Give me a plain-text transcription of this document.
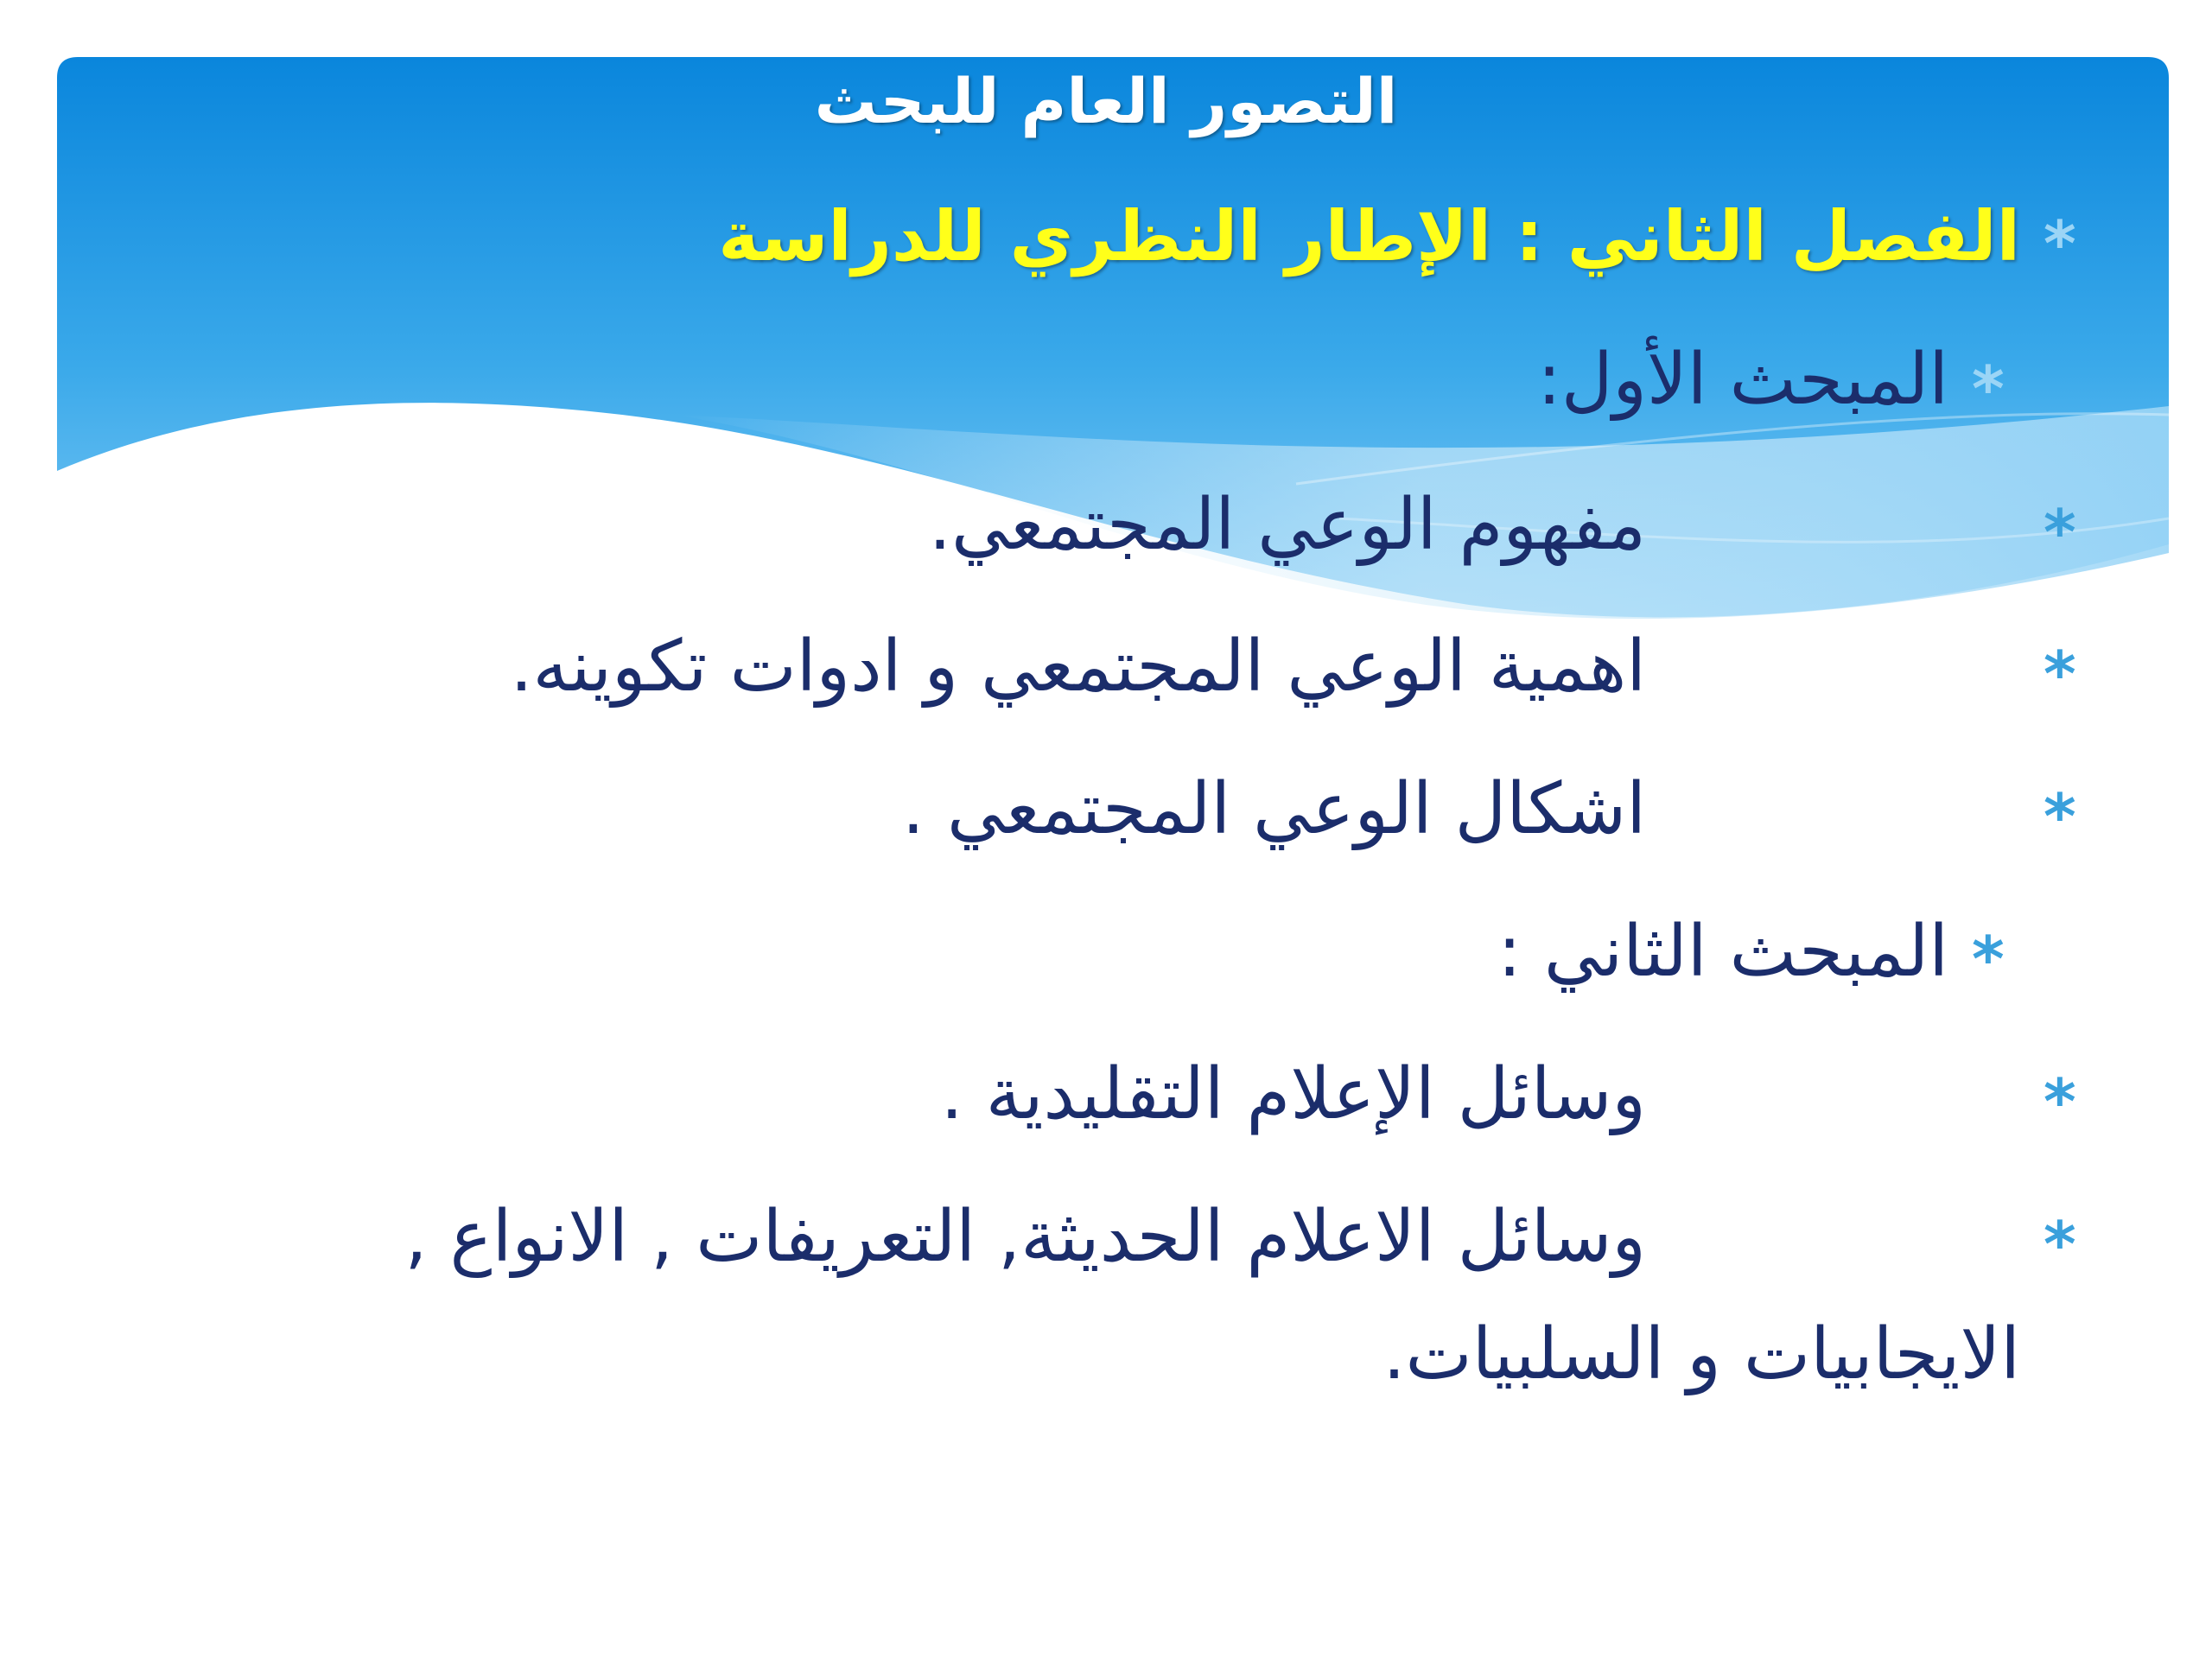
التصور العام للبحث
*
الفصل الثاني : الإطار النظري للدراسة
*
المبحث الأول:
*
مفهوم الوعي المجتمعي.
*
اهمية الوعي المجتمعي و ادوات تكوينه.
*
اشكال الوعي المجتمعي .
*
المبحث الثاني :
*
وسائل الإعلام التقليدية .
*
وسائل الاعلام الحديثة, التعريفات , الانواع ,
الايجابيات و السلبيات.
